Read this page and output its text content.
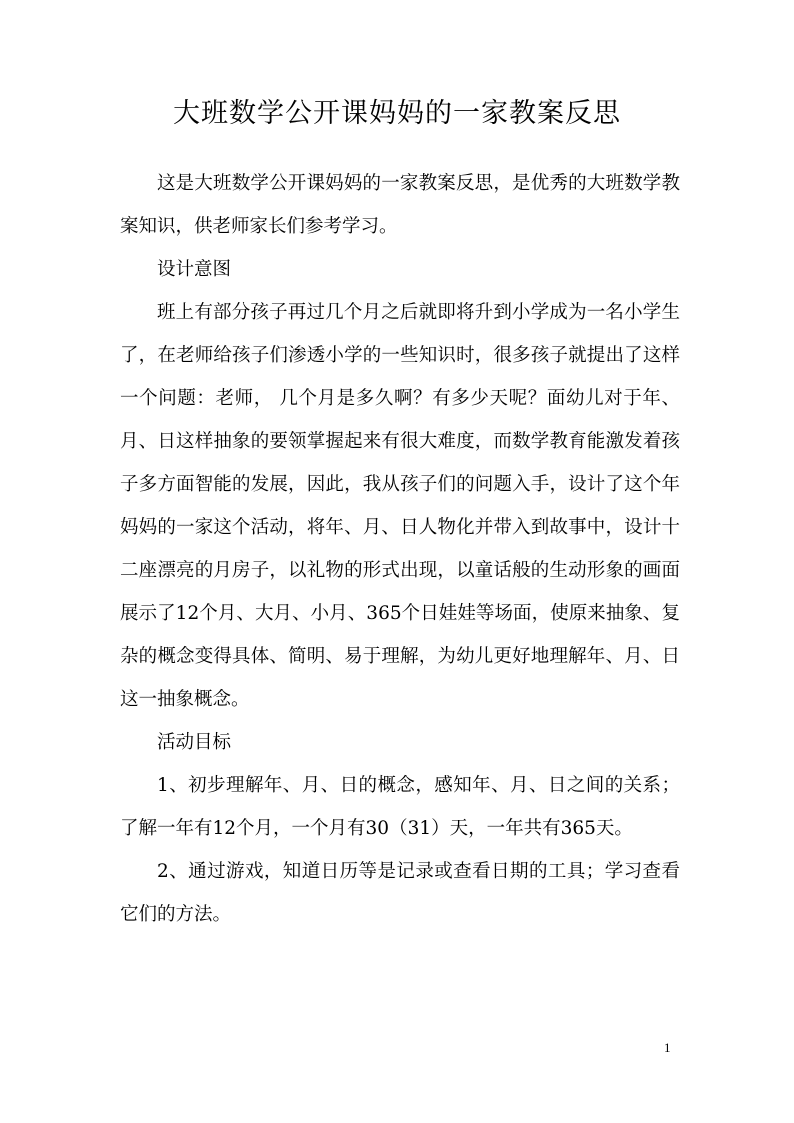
大班数学公开课妈妈的一家教案反思

这是大班数学公开课妈妈的一家教案反思，是优秀的大班数学教案知识，供老师家长们参考学习。

设计意图

班上有部分孩子再过几个月之后就即将升到小学成为一名小学生了，在老师给孩子们渗透小学的一些知识时，很多孩子就提出了这样一个问题：老师， 几个月是多久啊？有多少天呢？面幼儿对于年、月、日这样抽象的要领掌握起来有很大难度，而数学教育能激发着孩子多方面智能的发展，因此，我从孩子们的问题入手，设计了这个年妈妈的一家这个活动，将年、月、日人物化并带入到故事中，设计十二座漂亮的月房子，以礼物的形式出现，以童话般的生动形象的画面展示了12个月、大月、小月、365个日娃娃等场面，使原来抽象、复杂的概念变得具体、简明、易于理解，为幼儿更好地理解年、月、日这一抽象概念。

活动目标

1、初步理解年、月、日的概念，感知年、月、日之间的关系；了解一年有12个月，一个月有30（31）天，一年共有365天。

2、通过游戏，知道日历等是记录或查看日期的工具；学习查看它们的方法。

1
